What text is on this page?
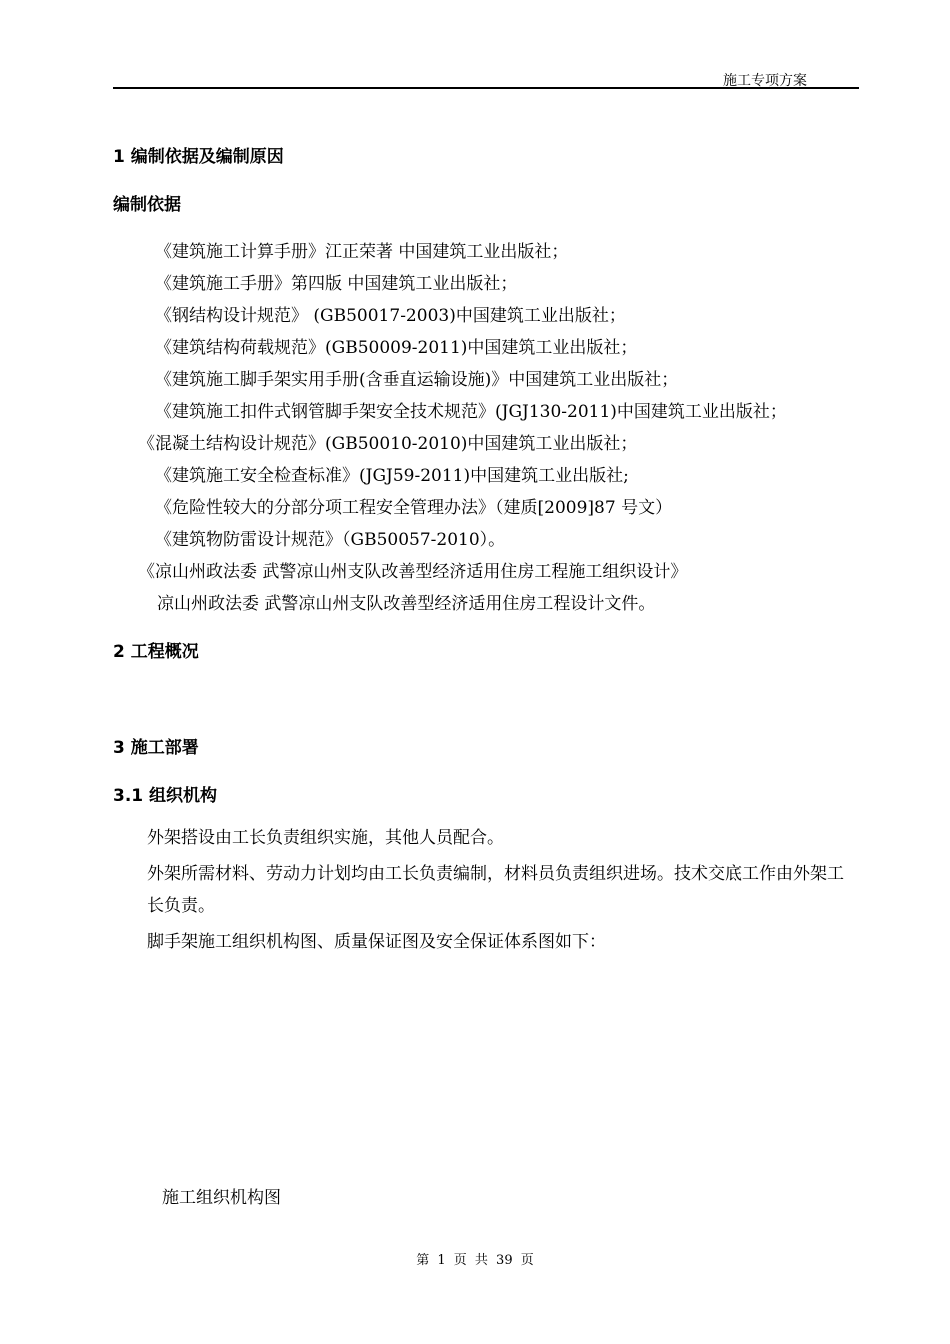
施工专项方案
1 编制依据及编制原因
编制依据
《建筑施工计算手册》江正荣著 中国建筑工业出版社；
《建筑施工手册》第四版 中国建筑工业出版社；
《钢结构设计规范》 (GB50017-2003)中国建筑工业出版社；
《建筑结构荷载规范》(GB50009-2011)中国建筑工业出版社；
《建筑施工脚手架实用手册(含垂直运输设施)》中国建筑工业出版社；
《建筑施工扣件式钢管脚手架安全技术规范》(JGJ130-2011)中国建筑工业出版社；
《混凝土结构设计规范》(GB50010-2010)中国建筑工业出版社；
《建筑施工安全检查标准》(JGJ59-2011)中国建筑工业出版社;
《危险性较大的分部分项工程安全管理办法》（建质[2009]87 号文）
《建筑物防雷设计规范》（GB50057-2010）。
《凉山州政法委 武警凉山州支队改善型经济适用住房工程施工组织设计》
凉山州政法委 武警凉山州支队改善型经济适用住房工程设计文件。
2 工程概况
3 施工部署
3.1 组织机构
外架搭设由工长负责组织实施，其他人员配合。
外架所需材料、劳动力计划均由工长负责编制，材料员负责组织进场。技术交底工作由外架工长负责。
脚手架施工组织机构图、质量保证图及安全保证体系图如下：
施工组织机构图
第 1 页 共 39 页
